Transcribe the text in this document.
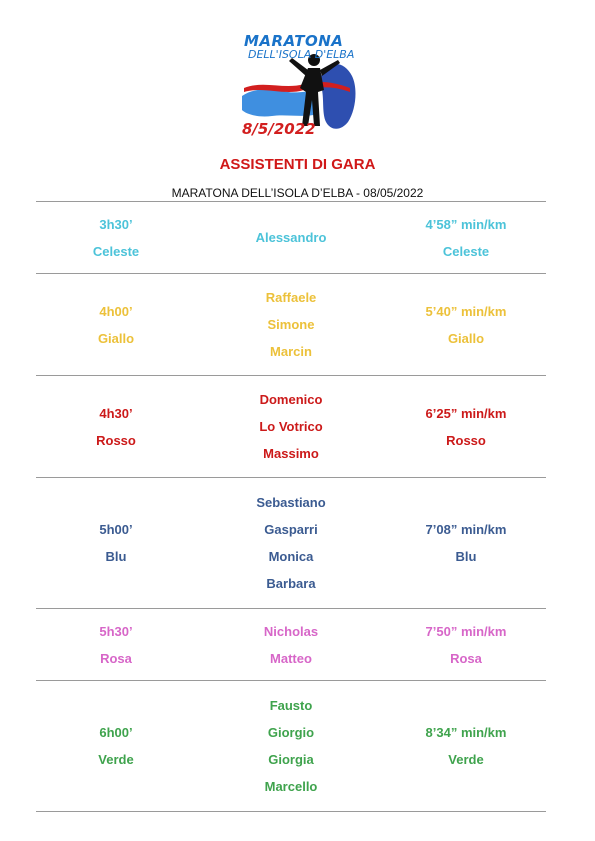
MARATONA
DELL'ISOLA D'ELBA
8/5/2022
ASSISTENTI DI GARA
MARATONA DELL’ISOLA D’ELBA - 08/05/2022
3h30’
Celeste
Alessandro
4’58” min/km
Celeste
4h00’
Giallo
Raffaele
Simone
Marcin
5’40” min/km
Giallo
4h30’
Rosso
Domenico
Lo Votrico
Massimo
6’25” min/km
Rosso
5h00’
Blu
Sebastiano
Gasparri
Monica
Barbara
7’08” min/km
Blu
5h30’
Rosa
Nicholas
Matteo
7’50” min/km
Rosa
6h00’
Verde
Fausto
Giorgio
Giorgia
Marcello
8’34” min/km
Verde
